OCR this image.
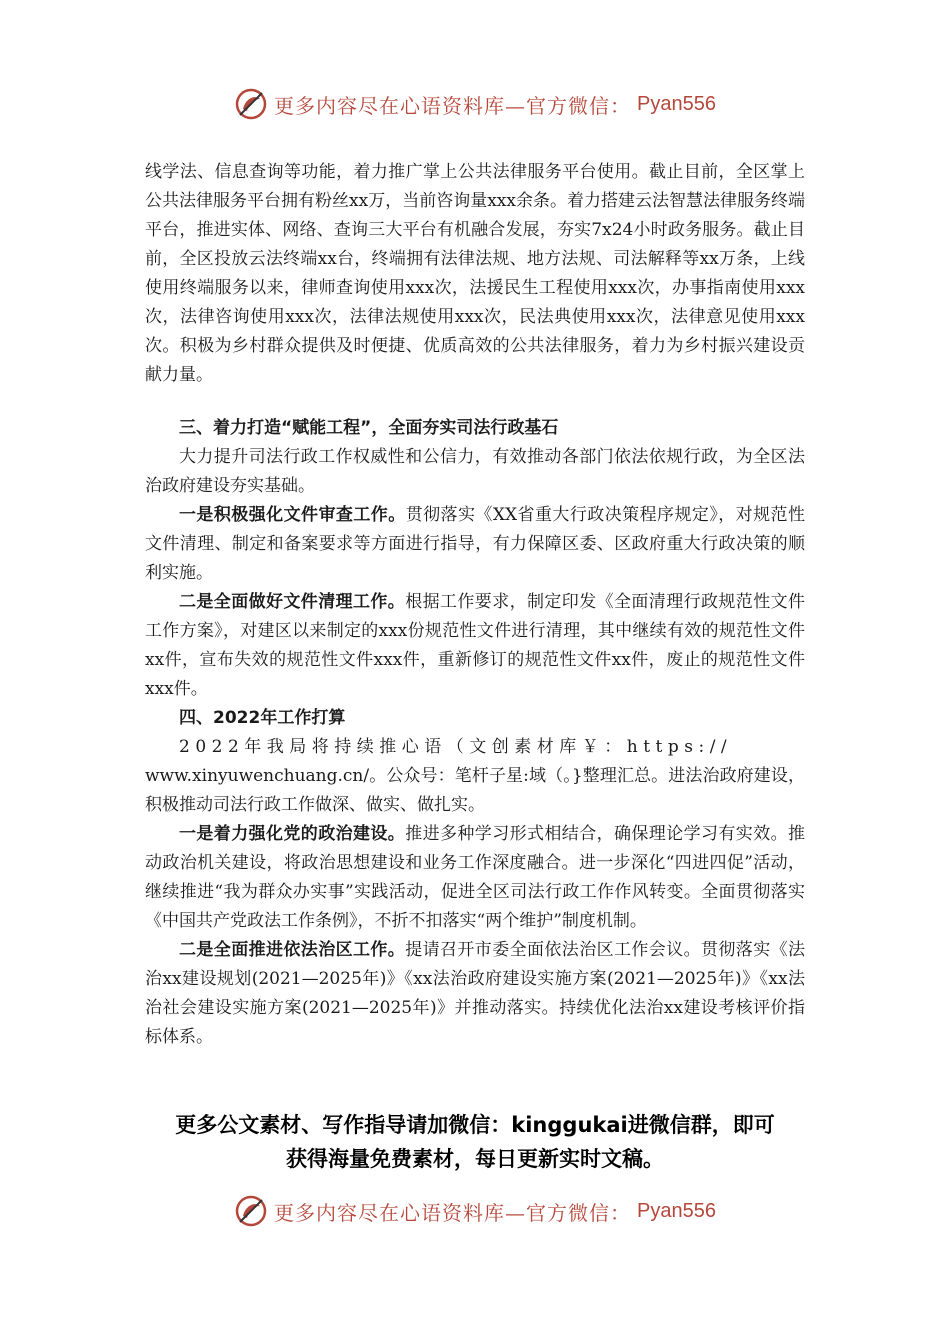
更多内容尽在心语资料库—官方微信： Pyan556

线学法、信息查询等功能，着力推广掌上公共法律服务平台使用。截止目前，全区掌上公共法律服务平台拥有粉丝xx万，当前咨询量xxx余条。着力搭建云法智慧法律服务终端平台，推进实体、网络、查询三大平台有机融合发展，夯实7x24小时政务服务。截止目前，全区投放云法终端xx台，终端拥有法律法规、地方法规、司法解释等xx万条，上线使用终端服务以来，律师查询使用xxx次，法援民生工程使用xxx次，办事指南使用xxx次，法律咨询使用xxx次，法律法规使用xxx次，民法典使用xxx次，法律意见使用xxx次。积极为乡村群众提供及时便捷、优质高效的公共法律服务，着力为乡村振兴建设贡献力量。

三、着力打造“赋能工程”，全面夯实司法行政基石

大力提升司法行政工作权威性和公信力，有效推动各部门依法依规行政，为全区法治政府建设夯实基础。

一是积极强化文件审查工作。贯彻落实《XX省重大行政决策程序规定》，对规范性文件清理、制定和备案要求等方面进行指导，有力保障区委、区政府重大行政决策的顺利实施。

二是全面做好文件清理工作。根据工作要求，制定印发《全面清理行政规范性文件工作方案》，对建区以来制定的xxx份规范性文件进行清理，其中继续有效的规范性文件xx件，宣布失效的规范性文件xxx件，重新修订的规范性文件xx件，废止的规范性文件xxx件。

四、2022年工作打算

2022年我局将持续推心语（文创素材库￥：https://

www.xinyuwenchuang.cn/。公众号：笔杆子星:域（。}整理汇总。进法治政府建设，积极推动司法行政工作做深、做实、做扎实。

一是着力强化党的政治建设。推进多种学习形式相结合，确保理论学习有实效。推动政治机关建设，将政治思想建设和业务工作深度融合。进一步深化“四进四促”活动，继续推进“我为群众办实事”实践活动，促进全区司法行政工作作风转变。全面贯彻落实《中国共产党政法工作条例》，不折不扣落实“两个维护”制度机制。

二是全面推进依法治区工作。提请召开市委全面依法治区工作会议。贯彻落实《法治xx建设规划(2021—2025年)》《xx法治政府建设实施方案(2021—2025年)》《xx法治社会建设实施方案(2021—2025年)》并推动落实。持续优化法治xx建设考核评价指标体系。

更多公文素材、写作指导请加微信：kinggukai进微信群，即可
获得海量免费素材，每日更新实时文稿。
更多内容尽在心语资料库—官方微信： Pyan556
